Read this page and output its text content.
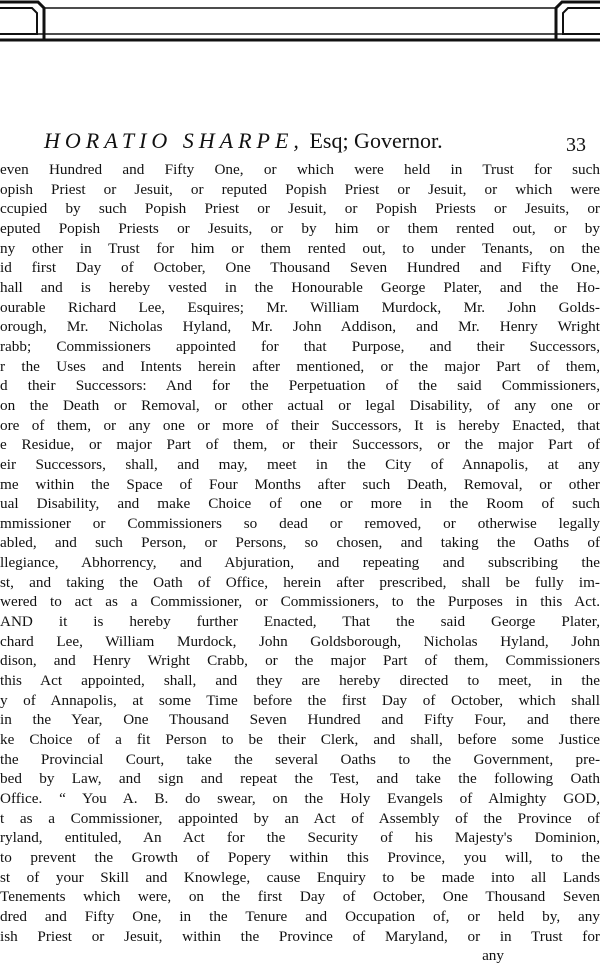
HORATIO SHARPE, Esq; Governor.	33
even Hundred and Fifty One, or which were held in Trust for such
opish Priest or Jesuit, or reputed Popish Priest or Jesuit, or which were
ccupied by such Popish Priest or Jesuit, or Popish Priests or Jesuits, or
eputed Popish Priests or Jesuits, or by him or them rented out, or by
ny other in Trust for him or them rented out, to under Tenants, on the
id first Day of October, One Thousand Seven Hundred and Fifty One,
hall and is hereby vested in the Honourable George Plater, and the Ho-
ourable Richard Lee, Esquires; Mr. William Murdock, Mr. John Golds-
orough, Mr. Nicholas Hyland, Mr. John Addison, and Mr. Henry Wright
rabb; Commissioners appointed for that Purpose, and their Successors,
r the Uses and Intents herein after mentioned, or the major Part of them,
d their Successors: And for the Perpetuation of the said Commissioners,
on the Death or Removal, or other actual or legal Disability, of any one or
ore of them, or any one or more of their Successors, It is hereby Enacted, that
e Residue, or major Part of them, or their Successors, or the major Part of
eir Successors, shall, and may, meet in the City of Annapolis, at any
me within the Space of Four Months after such Death, Removal, or other
ual Disability, and make Choice of one or more in the Room of such
mmissioner or Commissioners so dead or removed, or otherwise legally
abled, and such Person, or Persons, so chosen, and taking the Oaths of
llegiance, Abhorrency, and Abjuration, and repeating and subscribing the
st, and taking the Oath of Office, herein after prescribed, shall be fully im-
wered to act as a Commissioner, or Commissioners, to the Purposes in this Act.
AND it is hereby further Enacted, That the said George Plater,
chard Lee, William Murdock, John Goldsborough, Nicholas Hyland, John
dison, and Henry Wright Crabb, or the major Part of them, Commissioners
this Act appointed, shall, and they are hereby directed to meet, in the
y of Annapolis, at some Time before the first Day of October, which shall
in the Year, One Thousand Seven Hundred and Fifty Four, and there
ke Choice of a fit Person to be their Clerk, and shall, before some Justice
the Provincial Court, take the several Oaths to the Government, pre-
bed by Law, and sign and repeat the Test, and take the following Oath
Office. “ You A. B. do swear, on the Holy Evangels of Almighty GOD,
t as a Commissioner, appointed by an Act of Assembly of the Province of
ryland, entituled, An Act for the Security of his Majesty's Dominion,
to prevent the Growth of Popery within this Province, you will, to the
st of your Skill and Knowlege, cause Enquiry to be made into all Lands
Tenements which were, on the first Day of October, One Thousand Seven
dred and Fifty One, in the Tenure and Occupation of, or held by, any
ish Priest or Jesuit, within the Province of Maryland, or in Trust for
any
